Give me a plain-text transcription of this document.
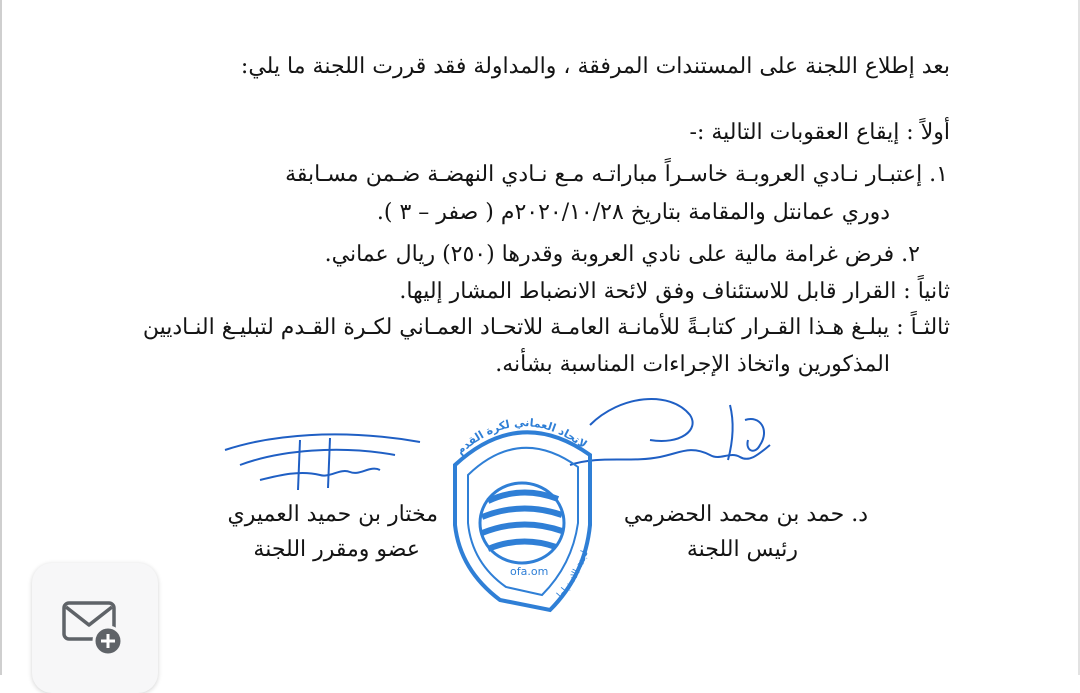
بعد إطلاع اللجنة على المستندات المرفقة ، والمداولة فقد قررت اللجنة ما يلي:
أولاً : إيقاع العقوبات التالية :-
١. إعتبـار نـادي العروبـة خاسـراً مباراتـه مـع نـادي النهضـة ضـمن مسـابقة
دوري عمانتل والمقامة بتاريخ ٢٠٢٠/١٠/٢٨م ( صفر – ٣ ).
٢. فرض غرامة مالية على نادي العروبة وقدرها (٢٥٠) ريال عماني.
ثانياً : القرار قابل للاستئناف وفق لائحة الانضباط المشار إليها.
ثالثـاً : يبلـغ هـذا القـرار كتابـةً للأمانـة العامـة للاتحـاد العمـاني لكـرة القـدم لتبليـغ النـاديين
المذكورين واتخاذ الإجراءات المناسبة بشأنه.
د. حمد بن محمد الحضرمي
رئيس اللجنة
مختار بن حميد العميري
عضو ومقرر اللجنة
الاتحاد العماني لكرة القدم
ofa.om
لجنة الانضباط
